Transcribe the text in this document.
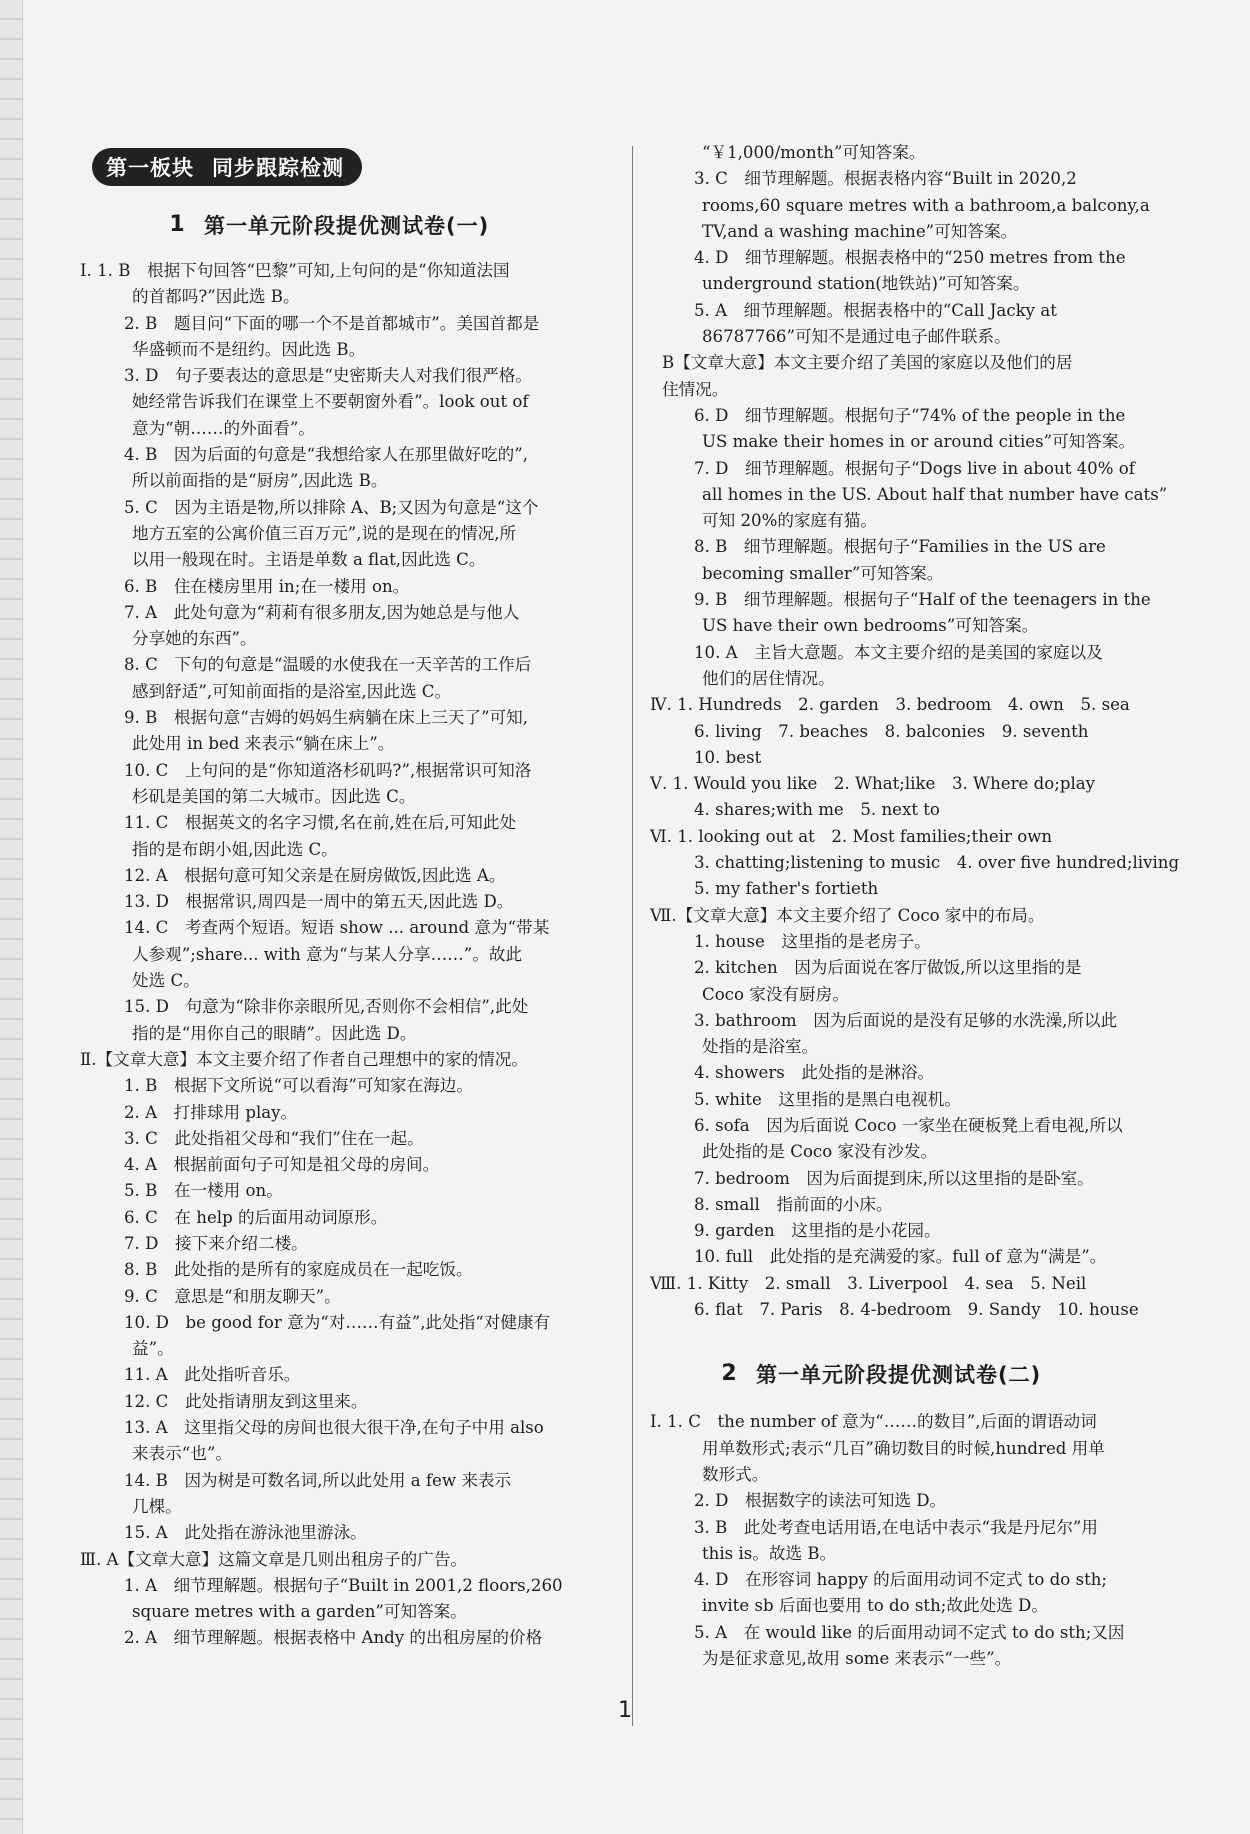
第一板块 同步跟踪检测
1 第一单元阶段提优测试卷(一)
Ⅰ. 1. B　根据下句回答“巴黎”可知,上句问的是“你知道法国
的首都吗?”因此选 B。
2. B　题目问“下面的哪一个不是首都城市”。美国首都是
华盛顿而不是纽约。因此选 B。
3. D　句子要表达的意思是“史密斯夫人对我们很严格。
她经常告诉我们在课堂上不要朝窗外看”。look out of
意为“朝……的外面看”。
4. B　因为后面的句意是“我想给家人在那里做好吃的”,
所以前面指的是“厨房”,因此选 B。
5. C　因为主语是物,所以排除 A、B;又因为句意是“这个
地方五室的公寓价值三百万元”,说的是现在的情况,所
以用一般现在时。主语是单数 a flat,因此选 C。
6. B　住在楼房里用 in;在一楼用 on。
7. A　此处句意为“莉莉有很多朋友,因为她总是与他人
分享她的东西”。
8. C　下句的句意是“温暖的水使我在一天辛苦的工作后
感到舒适”,可知前面指的是浴室,因此选 C。
9. B　根据句意“吉姆的妈妈生病躺在床上三天了”可知,
此处用 in bed 来表示“躺在床上”。
10. C　上句问的是“你知道洛杉矶吗?”,根据常识可知洛
杉矶是美国的第二大城市。因此选 C。
11. C　根据英文的名字习惯,名在前,姓在后,可知此处
指的是布朗小姐,因此选 C。
12. A　根据句意可知父亲是在厨房做饭,因此选 A。
13. D　根据常识,周四是一周中的第五天,因此选 D。
14. C　考查两个短语。短语 show ... around 意为“带某
人参观”;share... with 意为“与某人分享……”。故此
处选 C。
15. D　句意为“除非你亲眼所见,否则你不会相信”,此处
指的是“用你自己的眼睛”。因此选 D。
Ⅱ.【文章大意】本文主要介绍了作者自己理想中的家的情况。
1. B　根据下文所说“可以看海”可知家在海边。
2. A　打排球用 play。
3. C　此处指祖父母和“我们”住在一起。
4. A　根据前面句子可知是祖父母的房间。
5. B　在一楼用 on。
6. C　在 help 的后面用动词原形。
7. D　接下来介绍二楼。
8. B　此处指的是所有的家庭成员在一起吃饭。
9. C　意思是“和朋友聊天”。
10. D　be good for 意为“对……有益”,此处指“对健康有
益”。
11. A　此处指听音乐。
12. C　此处指请朋友到这里来。
13. A　这里指父母的房间也很大很干净,在句子中用 also
来表示“也”。
14. B　因为树是可数名词,所以此处用 a few 来表示
几棵。
15. A　此处指在游泳池里游泳。
Ⅲ. A【文章大意】这篇文章是几则出租房子的广告。
1. A　细节理解题。根据句子“Built in 2001,2 floors,260
square metres with a garden”可知答案。
2. A　细节理解题。根据表格中 Andy 的出租房屋的价格
“￥1,000/month”可知答案。
3. C　细节理解题。根据表格内容“Built in 2020,2
rooms,60 square metres with a bathroom,a balcony,a
TV,and a washing machine”可知答案。
4. D　细节理解题。根据表格中的“250 metres from the
underground station(地铁站)”可知答案。
5. A　细节理解题。根据表格中的“Call Jacky at
86787766”可知不是通过电子邮件联系。
B【文章大意】本文主要介绍了美国的家庭以及他们的居
住情况。
6. D　细节理解题。根据句子“74% of the people in the
US make their homes in or around cities”可知答案。
7. D　细节理解题。根据句子“Dogs live in about 40% of
all homes in the US. About half that number have cats”
可知 20%的家庭有猫。
8. B　细节理解题。根据句子“Families in the US are
becoming smaller”可知答案。
9. B　细节理解题。根据句子“Half of the teenagers in the
US have their own bedrooms”可知答案。
10. A　主旨大意题。本文主要介绍的是美国的家庭以及
他们的居住情况。
Ⅳ. 1. Hundreds　2. garden　3. bedroom　4. own　5. sea
6. living　7. beaches　8. balconies　9. seventh
10. best
Ⅴ. 1. Would you like　2. What;like　3. Where do;play
4. shares;with me　5. next to
Ⅵ. 1. looking out at　2. Most families;their own
3. chatting;listening to music　4. over five hundred;living
5. my father's fortieth
Ⅶ.【文章大意】本文主要介绍了 Coco 家中的布局。
1. house　这里指的是老房子。
2. kitchen　因为后面说在客厅做饭,所以这里指的是
Coco 家没有厨房。
3. bathroom　因为后面说的是没有足够的水洗澡,所以此
处指的是浴室。
4. showers　此处指的是淋浴。
5. white　这里指的是黑白电视机。
6. sofa　因为后面说 Coco 一家坐在硬板凳上看电视,所以
此处指的是 Coco 家没有沙发。
7. bedroom　因为后面提到床,所以这里指的是卧室。
8. small　指前面的小床。
9. garden　这里指的是小花园。
10. full　此处指的是充满爱的家。full of 意为“满是”。
Ⅷ. 1. Kitty　2. small　3. Liverpool　4. sea　5. Neil
6. flat　7. Paris　8. 4-bedroom　9. Sandy　10. house
2 第一单元阶段提优测试卷(二)
Ⅰ. 1. C　the number of 意为“……的数目”,后面的谓语动词
用单数形式;表示“几百”确切数目的时候,hundred 用单
数形式。
2. D　根据数字的读法可知选 D。
3. B　此处考查电话用语,在电话中表示“我是丹尼尔”用
this is。故选 B。
4. D　在形容词 happy 的后面用动词不定式 to do sth;
invite sb 后面也要用 to do sth;故此处选 D。
5. A　在 would like 的后面用动词不定式 to do sth;又因
为是征求意见,故用 some 来表示“一些”。
1
